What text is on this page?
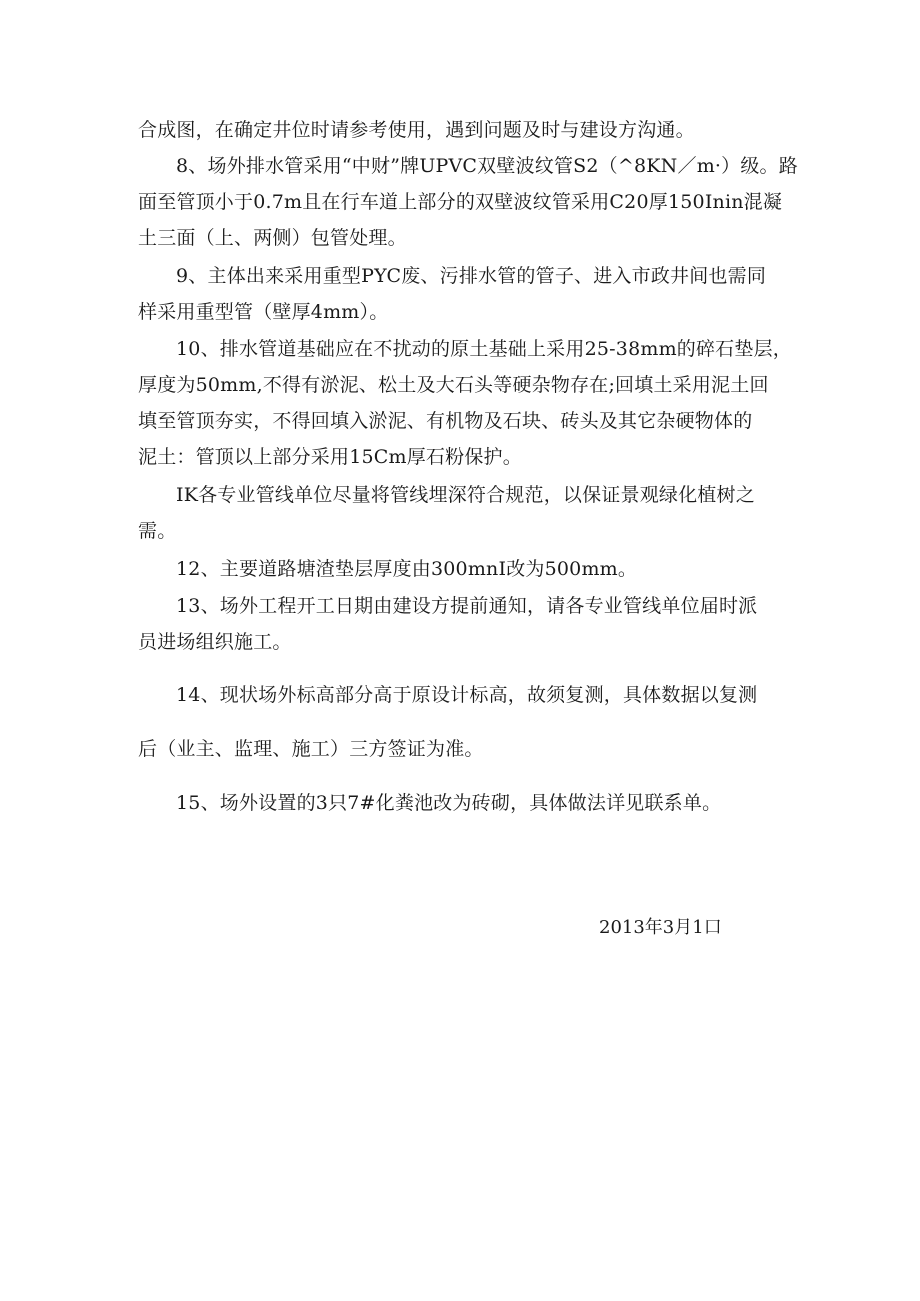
合成图，在确定井位时请参考使用，遇到问题及时与建设方沟通。
8、场外排水管采用“中财”牌UPVC双壁波纹管S2（^8KN／m·）级。路
面至管顶小于0.7m且在行车道上部分的双壁波纹管采用C20厚150Inin混凝
土三面（上、两侧）包管处理。
9、主体出来采用重型PYC废、污排水管的管子、进入市政井间也需同
样采用重型管（壁厚4mm）。
10、排水管道基础应在不扰动的原土基础上采用25-38mm的碎石垫层，
厚度为50mm,不得有淤泥、松土及大石头等硬杂物存在;回填土采用泥土回
填至管顶夯实，不得回填入淤泥、有机物及石块、砖头及其它杂硬物体的
泥土：管顶以上部分采用15Cm厚石粉保护。
IK各专业管线单位尽量将管线埋深符合规范，以保证景观绿化植树之
需。
12、主要道路塘渣垫层厚度由300mnI改为500mm。
13、场外工程开工日期由建设方提前通知，请各专业管线单位届时派
员进场组织施工。
14、现状场外标高部分高于原设计标高，故须复测，具体数据以复测
后（业主、监理、施工）三方签证为准。
15、场外设置的3只7#化粪池改为砖砌，具体做法详见联系单。
2013年3月1口
